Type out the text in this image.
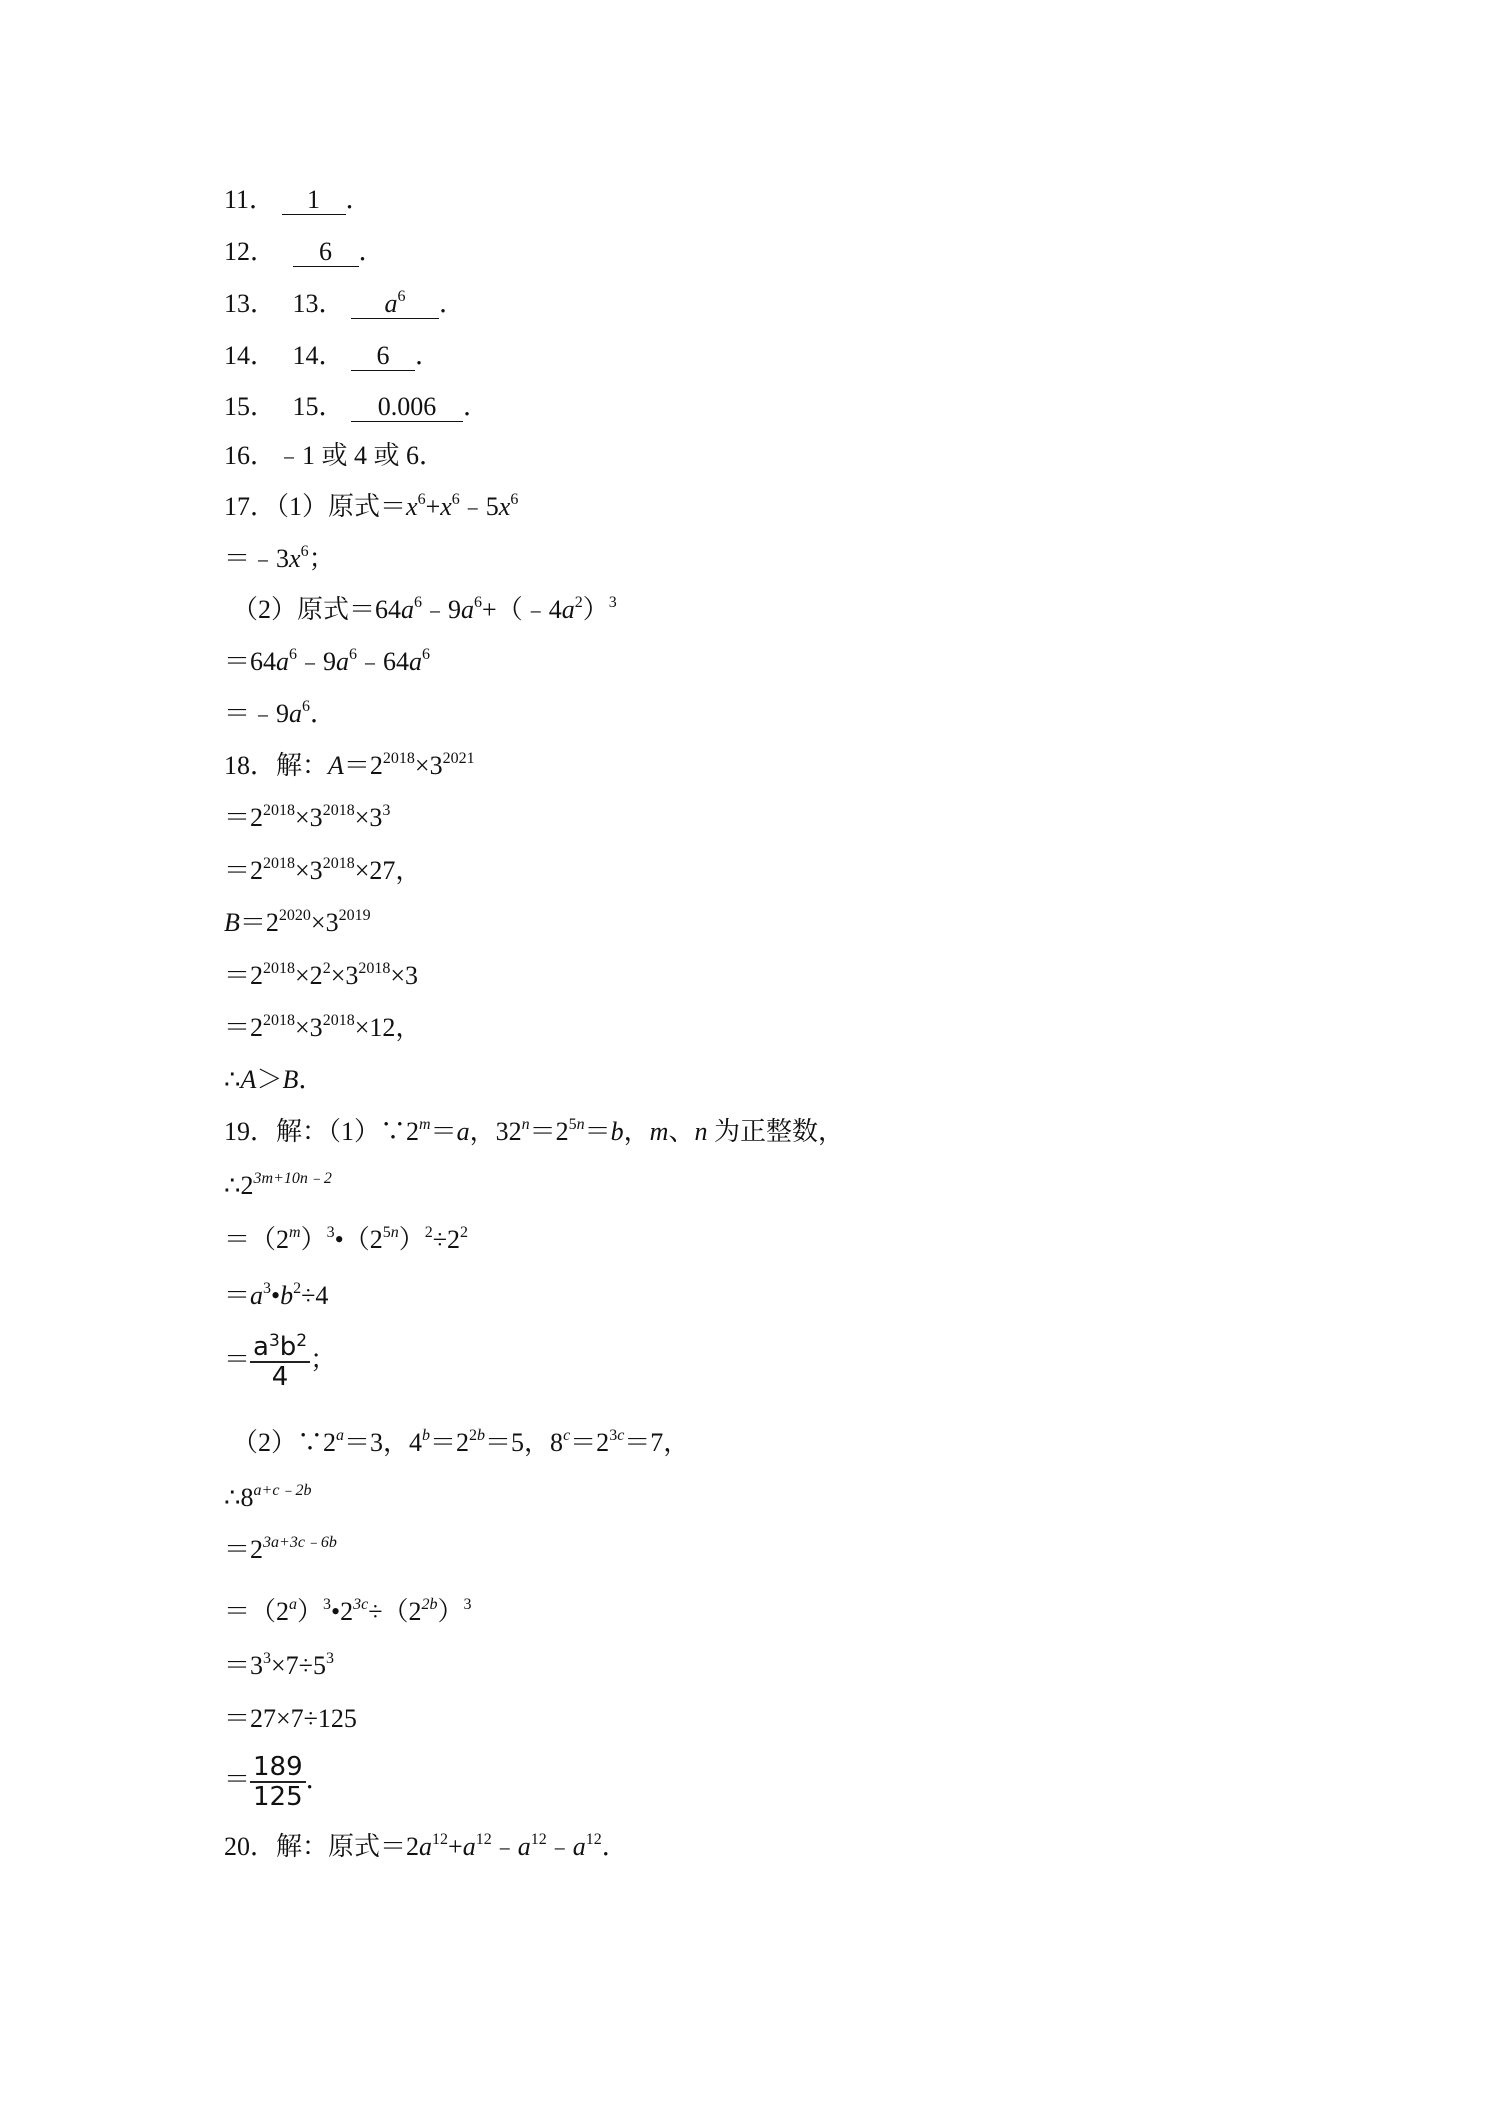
11． 1 ．
12． 6 ．
13． 13． $a^6$ ．
14． 14． 6 ．
15． 15． 0.006 ．
16．﹣1 或 4 或 6．
17．（1）原式$=x^6+x^6﹣5x^6$
$=﹣3x^6$；
（2）原式$=64a^6﹣9a^6+(﹣4a^2)^3$
$=64a^6﹣9a^6﹣64a^6$
$=﹣9a^6$．
18．解：$A=2^{2018}\times 3^{2021}$
$=2^{2018}\times 3^{2018}\times 3^3$
$=2^{2018}\times 3^{2018}\times 27$，
$B=2^{2020}\times 3^{2019}$
$=2^{2018}\times 2^2\times 3^{2018}\times 3$
$=2^{2018}\times 3^{2018}\times 12$，
∴A＞B．
19．解：$(1)\because 2^m=a$，$32^n=2^{5n}=b$，m、n 为正整数，
$\therefore 2^{3m+10n﹣2}$
$=(2^m)^3•(2^{5n})^2\div 2^2$
$=a^3•b^2\div 4$
＝ $\frac{a^3b^2}{4}$ ；
$(2)\because 2^a=3$，$4^b=2^{2b}=5$，$8^c=2^{3c}=7$，
$\therefore 8^{a+c﹣2b}$
$=2^{3a+3c﹣6b}$
$=(2^a)^3•2^{3c}\div(2^{2b})^3$
$=3^3\times 7\div 5^3$
＝27×7÷125
＝ $\frac{189}{125}$ ．
20．解：原式$=2a^{12}+a^{12}﹣a^{12}﹣a^{12}$．
